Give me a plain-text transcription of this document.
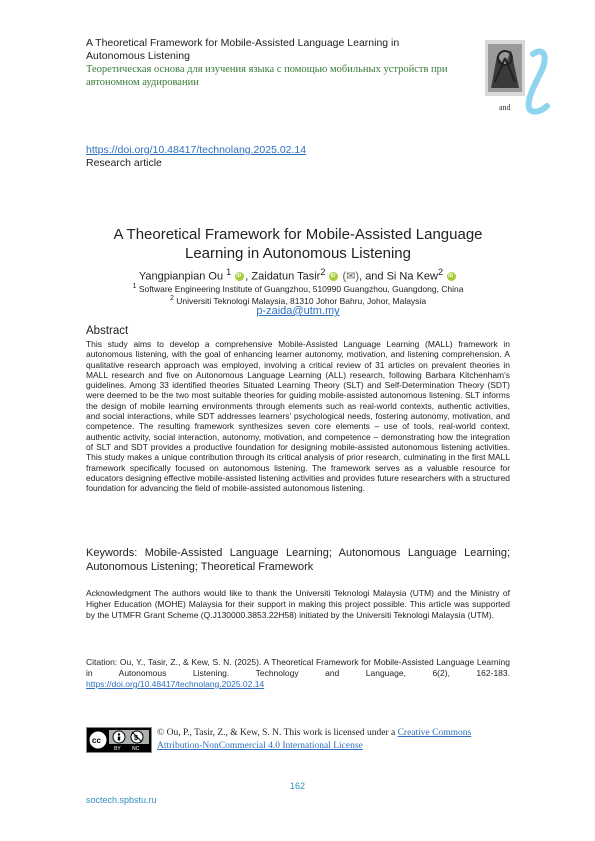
A Theoretical Framework for Mobile-Assisted Language Learning in Autonomous Listening
Теоретическая основа для изучения языка с помощью мобильных устройств при автономном аудировании
and
https://doi.org/10.48417/technolang.2025.02.14
Research article
A Theoretical Framework for Mobile-Assisted Language Learning in Autonomous Listening
Yangpianpian Ou $^1$ iD , Zaidatun Tasir$^2$ iD (✉), and Si Na Kew$^2$ iD
$^1$ Software Engineering Institute of Guangzhou, 510990 Guangzhou, Guangdong, China
$^2$ Universiti Teknologi Malaysia, 81310 Johor Bahru, Johor, Malaysia
p-zaida@utm.my
Abstract
This study aims to develop a comprehensive Mobile-Assisted Language Learning (MALL) framework in autonomous listening, with the goal of enhancing learner autonomy, motivation, and listening comprehension. A qualitative research approach was employed, involving a critical review of 31 articles on prevalent theories in MALL research and five on Autonomous Language Learning (ALL) research, following Barbara Kitchenham’s guidelines. Among 33 identified theories Situated Learning Theory (SLT) and Self-Determination Theory (SDT) were deemed to be the two most suitable theories for guiding mobile-assisted autonomous listening. SLT informs the design of mobile learning environments through elements such as real-world contexts, authentic activities, and social interactions, while SDT addresses learners’ psychological needs, fostering autonomy, motivation, and competence. The resulting framework synthesizes seven core elements – use of tools, real-world context, authentic activity, social interaction, autonomy, motivation, and competence – demonstrating how the integration of SLT and SDT provides a productive foundation for designing mobile-assisted autonomous listening activities. This study makes a unique contribution through its critical analysis of prior research, culminating in the first MALL framework specifically focused on autonomous listening. The framework serves as a valuable resource for educators designing effective mobile-assisted listening activities and provides future researchers with a structured foundation for advancing the field of mobile-assisted autonomous listening.
Keywords: Mobile-Assisted Language Learning; Autonomous Language Learning; Autonomous Listening; Theoretical Framework
Acknowledgment The authors would like to thank the Universiti Teknologi Malaysia (UTM) and the Ministry of Higher Education (MOHE) Malaysia for their support in making this project possible. This article was supported by the UTMFR Grant Scheme (Q.J130000.3853.22H58) initiated by the Universiti Teknologi Malaysia (UTM).
Citation: Ou, Y., Tasir, Z., & Kew, S. N. (2025). A Theoretical Framework for Mobile-Assisted Language Learning in Autonomous Listening. Technology and Language, 6(2), 162-183. https://doi.org/10.48417/technolang.2025.02.14
cc	$
BY NC
© Ou, P., Tasir, Z., & Kew, S. N. This work is licensed under a Creative Commons Attribution-NonCommercial 4.0 International License
162
soctech.spbstu.ru
